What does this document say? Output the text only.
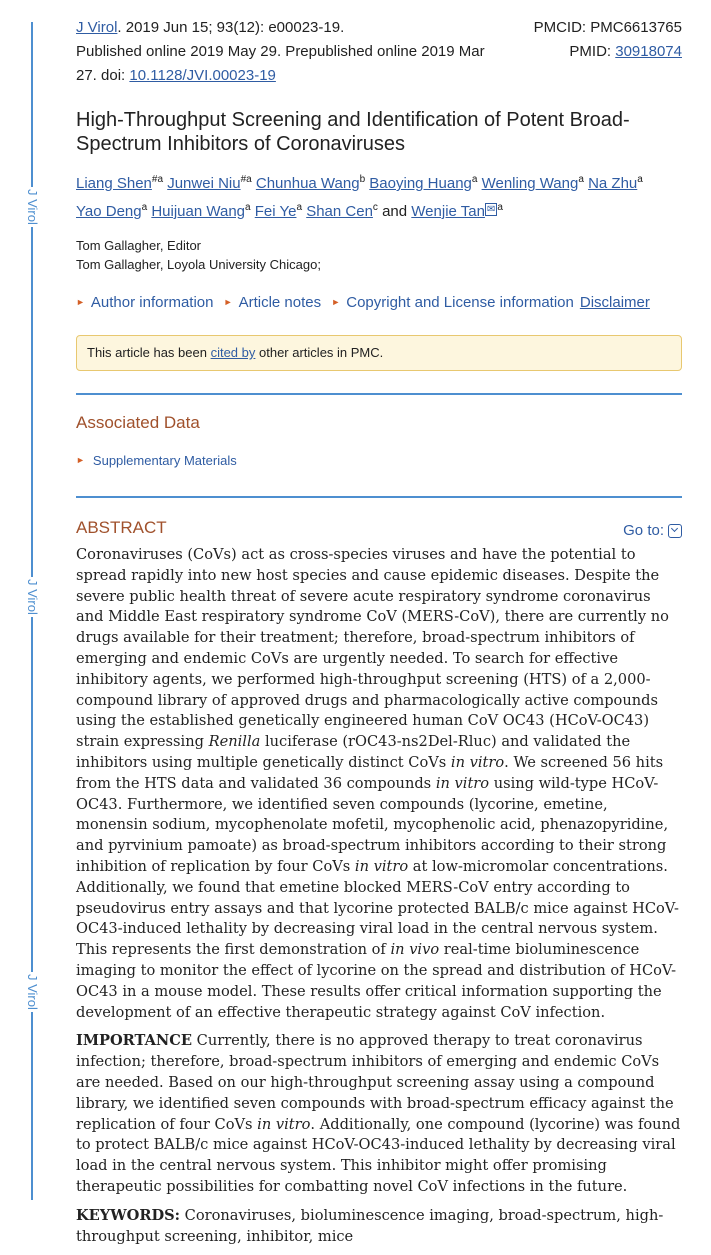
J Virol
J Virol
J Virol
J Virol. 2019 Jun 15; 93(12): e00023-19.
Published online 2019 May 29. Prepublished online 2019 Mar 27. doi: 10.1128/JVI.00023-19
PMCID: PMC6613765
PMID: 30918074
High-Throughput Screening and Identification of Potent Broad-Spectrum Inhibitors of Coronaviruses
Liang Shen$^{\#a}$ Junwei Niu$^{\#a}$ Chunhua Wang$^b$ Baoying Huang$^a$ Wenling Wang$^a$ Na Zhu$^a$
Yao Deng$^a$ Huijuan Wang$^a$ Fei Ye$^a$ Shan Cen$^c$ and Wenjie Tan ✉ $^a$
Tom Gallagher, Editor
Tom Gallagher, Loyola University Chicago;
► Author information ► Article notes ► Copyright and License information Disclaimer
This article has been cited by other articles in PMC.
Associated Data
► Supplementary Materials
ABSTRACT	Go to:

Coronaviruses (CoVs) act as cross-species viruses and have the potential to spread rapidly into new host species and cause epidemic diseases. Despite the severe public health threat of severe acute respiratory syndrome coronavirus and Middle East respiratory syndrome CoV (MERS-CoV), there are currently no drugs available for their treatment; therefore, broad-spectrum inhibitors of emerging and endemic CoVs are urgently needed. To search for effective inhibitory agents, we performed high-throughput screening (HTS) of a 2,000-compound library of approved drugs and pharmacologically active compounds using the established genetically engineered human CoV OC43 (HCoV-OC43) strain expressing Renilla luciferase (rOC43-ns2Del-Rluc) and validated the inhibitors using multiple genetically distinct CoVs in vitro. We screened 56 hits from the HTS data and validated 36 compounds in vitro using wild-type HCoV-OC43. Furthermore, we identified seven compounds (lycorine, emetine, monensin sodium, mycophenolate mofetil, mycophenolic acid, phenazopyridine, and pyrvinium pamoate) as broad-spectrum inhibitors according to their strong inhibition of replication by four CoVs in vitro at low-micromolar concentrations. Additionally, we found that emetine blocked MERS-CoV entry according to pseudovirus entry assays and that lycorine protected BALB/c mice against HCoV-OC43-induced lethality by decreasing viral load in the central nervous system. This represents the first demonstration of in vivo real-time bioluminescence imaging to monitor the effect of lycorine on the spread and distribution of HCoV-OC43 in a mouse model. These results offer critical information supporting the development of an effective therapeutic strategy against CoV infection.

IMPORTANCE Currently, there is no approved therapy to treat coronavirus infection; therefore, broad-spectrum inhibitors of emerging and endemic CoVs are needed. Based on our high-throughput screening assay using a compound library, we identified seven compounds with broad-spectrum efficacy against the replication of four CoVs in vitro. Additionally, one compound (lycorine) was found to protect BALB/c mice against HCoV-OC43-induced lethality by decreasing viral load in the central nervous system. This inhibitor might offer promising therapeutic possibilities for combatting novel CoV infections in the future.

KEYWORDS: Coronaviruses, bioluminescence imaging, broad-spectrum, high-throughput screening, inhibitor, mice
